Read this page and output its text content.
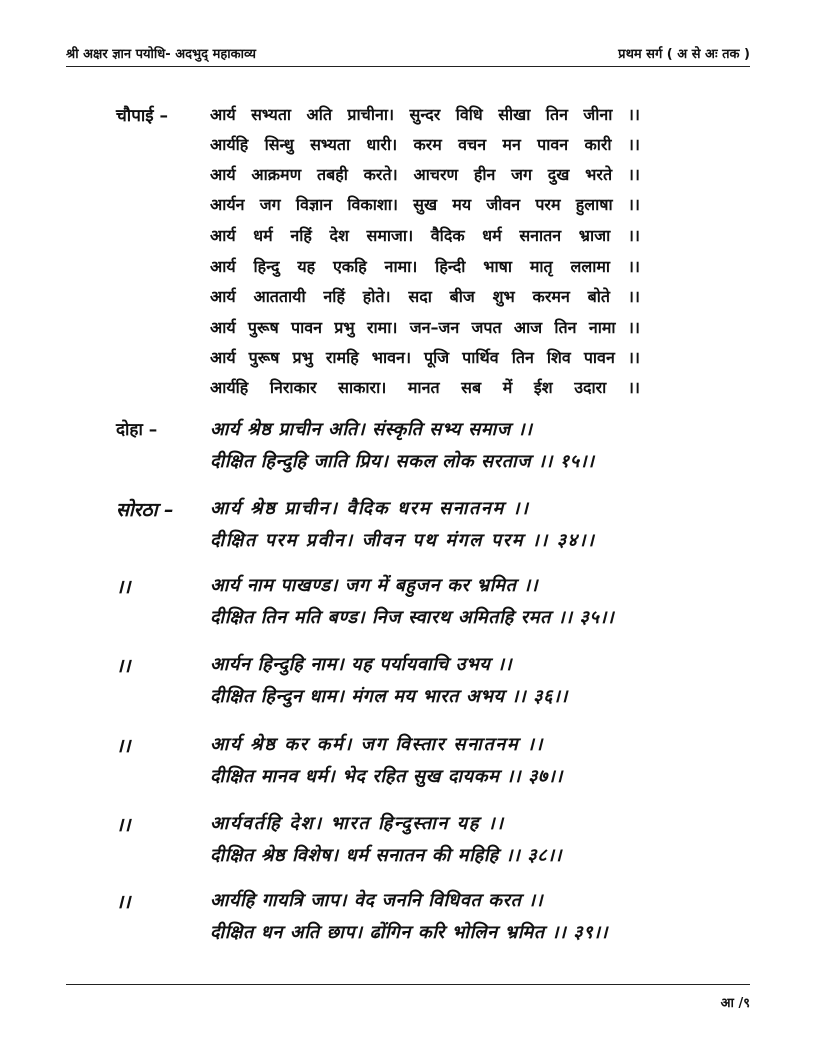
श्री अक्षर ज्ञान पयोधि- अदभुद् महाकाव्य	प्रथम सर्ग ( अ से अः तक )
चौपाई –	आर्य सभ्यता अति प्राचीना। सुन्दर विधि सीखा तिन जीना ।।
आर्यहि सिन्धु सभ्यता धारी। करम वचन मन पावन कारी ।।
आर्य आक्रमण तबही करते। आचरण हीन जग दुख भरते ।।
आर्यन जग विज्ञान विकाशा। सुख मय जीवन परम हुलाषा ।।
आर्य धर्म नहिं देश समाजा। वैदिक धर्म सनातन भ्राजा ।।
आर्य हिन्दु यह एकहि नामा। हिन्दी भाषा मातृ ललामा ।।
आर्य आततायी नहिं होते। सदा बीज शुभ करमन बोते ।।
आर्य पुरूष पावन प्रभु रामा। जन–जन जपत आज तिन नामा ।।
आर्य पुरूष प्रभु रामहि भावन। पूजि पार्थिव तिन शिव पावन ।।
आर्यहि निराकार साकारा। मानत सब में ईश उदारा ।।
दोहा –	आर्य श्रेष्ठ प्राचीन अति। संस्कृति सभ्य समाज ।।
दीक्षित हिन्दुहि जाति प्रिय। सकल लोक सरताज ।। १५।।
सोरठा – आर्य श्रेष्ठ प्राचीन। वैदिक धरम सनातनम ।।
दीक्षित परम प्रवीन। जीवन पथ मंगल परम ।। ३४।।
।।	आर्य नाम पाखण्ड। जग में बहुजन कर भ्रमित ।।
दीक्षित तिन मति बण्ड। निज स्वारथ अमितहि रमत ।। ३५।।
।।	आर्यन हिन्दुहि नाम। यह पर्यायवाचि उभय ।।
दीक्षित हिन्दुन धाम। मंगल मय भारत अभय ।। ३६।।
।।	आर्य श्रेष्ठ कर कर्म। जग विस्तार सनातनम ।।
दीक्षित मानव धर्म। भेद रहित सुख दायकम ।। ३७।।
।।	आर्यवर्तहि देश। भारत हिन्दुस्तान यह ।।
दीक्षित श्रेष्ठ विशेष। धर्म सनातन की महिहि ।। ३८।।
।।	आर्यहि गायत्रि जाप। वेद जननि विधिवत करत ।।
दीक्षित धन अति छाप। ढोंगिन करि भोलिन भ्रमित ।। ३९।।
आ /९
